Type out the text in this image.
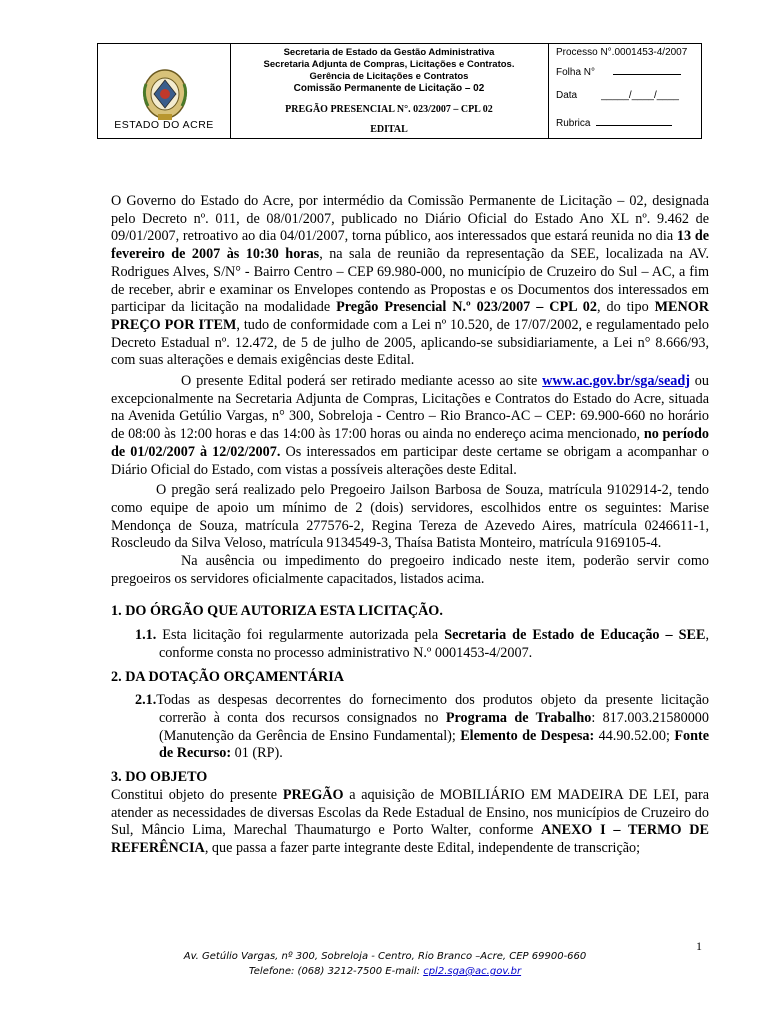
ESTADO DO ACRE
Secretaria de Estado da Gestão Administrativa
Secretaria Adjunta de Compras, Licitações e Contratos.
Gerência de Licitações e Contratos
Comissão Permanente de Licitação – 02
PREGÃO PRESENCIAL N°. 023/2007 – CPL 02
EDITAL
Processo N°.0001453-4/2007
Folha N°
Data _____/____/____
Rubrica

O Governo do Estado do Acre, por intermédio da Comissão Permanente de Licitação – 02, designada pelo Decreto nº. 011, de 08/01/2007, publicado no Diário Oficial do Estado Ano XL nº. 9.462 de 09/01/2007, retroativo ao dia 04/01/2007, torna público, aos interessados que estará reunida no dia 13 de fevereiro de 2007 às 10:30 horas, na sala de reunião da representação da SEE, localizada na AV. Rodrigues Alves, S/N° - Bairro Centro – CEP 69.980-000, no município de Cruzeiro do Sul – AC, a fim de receber, abrir e examinar os Envelopes contendo as Propostas e os Documentos dos interessados em participar da licitação na modalidade Pregão Presencial N.º 023/2007 – CPL 02, do tipo MENOR PREÇO POR ITEM, tudo de conformidade com a Lei nº 10.520, de 17/07/2002, e regulamentado pelo Decreto Estadual nº. 12.472, de 5 de julho de 2005, aplicando-se subsidiariamente, a Lei n° 8.666/93, com suas alterações e demais exigências deste Edital.

O presente Edital poderá ser retirado mediante acesso ao site www.ac.gov.br/sga/seadj ou excepcionalmente na Secretaria Adjunta de Compras, Licitações e Contratos do Estado do Acre, situada na Avenida Getúlio Vargas, n° 300, Sobreloja - Centro – Rio Branco-AC – CEP: 69.900-660 no horário de 08:00 às 12:00 horas e das 14:00 às 17:00 horas ou ainda no endereço acima mencionado, no período de 01/02/2007 à 12/02/2007. Os interessados em participar deste certame se obrigam a acompanhar o Diário Oficial do Estado, com vistas a possíveis alterações deste Edital.

O pregão será realizado pelo Pregoeiro Jailson Barbosa de Souza, matrícula 9102914-2, tendo como equipe de apoio um mínimo de 2 (dois) servidores, escolhidos entre os seguintes: Marise Mendonça de Souza, matrícula 277576-2, Regina Tereza de Azevedo Aires, matrícula 0246611-1, Roscleudo da Silva Veloso, matrícula 9134549-3, Thaísa Batista Monteiro, matrícula 9169105-4.

Na ausência ou impedimento do pregoeiro indicado neste item, poderão servir como pregoeiros os servidores oficialmente capacitados, listados acima.

1. DO ÓRGÃO QUE AUTORIZA ESTA LICITAÇÃO.

1.1. Esta licitação foi regularmente autorizada pela Secretaria de Estado de Educação – SEE, conforme consta no processo administrativo N.º 0001453-4/2007.

2. DA DOTAÇÃO ORÇAMENTÁRIA

2.1.Todas as despesas decorrentes do fornecimento dos produtos objeto da presente licitação correrão à conta dos recursos consignados no Programa de Trabalho: 817.003.21580000 (Manutenção da Gerência de Ensino Fundamental); Elemento de Despesa: 44.90.52.00; Fonte de Recurso: 01 (RP).

3. DO OBJETO

Constitui objeto do presente PREGÃO a aquisição de MOBILIÁRIO EM MADEIRA DE LEI, para atender as necessidades de diversas Escolas da Rede Estadual de Ensino, nos municípios de Cruzeiro do Sul, Mâncio Lima, Marechal Thaumaturgo e Porto Walter, conforme ANEXO I – TERMO DE REFERÊNCIA, que passa a fazer parte integrante deste Edital, independente de transcrição;

1
Av. Getúlio Vargas, nº 300, Sobreloja - Centro, Rio Branco –Acre, CEP 69900-660
Telefone: (068) 3212-7500 E-mail: cpl2.sga@ac.gov.br
